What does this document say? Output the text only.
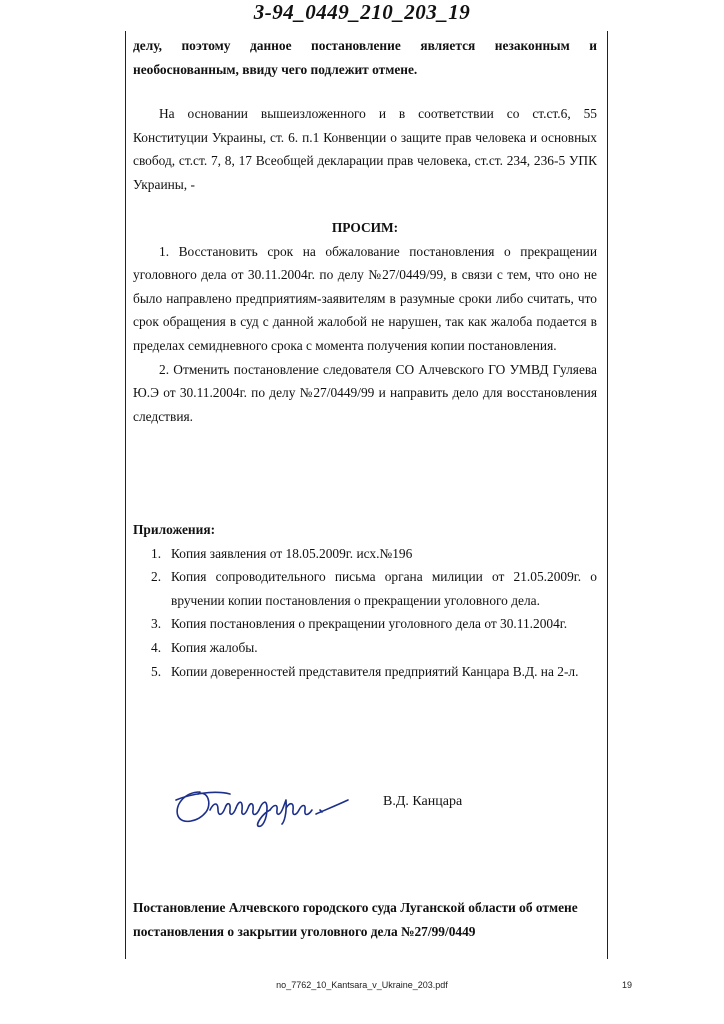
3-94_0449_210_203_19

делу, поэтому данное постановление является незаконным и необоснованным, ввиду чего подлежит отмене.

На основании вышеизложенного и в соответствии со ст.ст.6, 55 Конституции Украины, ст. 6. п.1 Конвенции о защите прав человека и основных свобод, ст.ст. 7, 8, 17 Всеобщей декларации прав человека, ст.ст. 234, 236-5 УПК Украины, -

ПРОСИМ:

1. Восстановить срок на обжалование постановления о прекращении уголовного дела от 30.11.2004г. по делу №27/0449/99, в связи с тем, что оно не было направлено предприятиям-заявителям в разумные сроки либо считать, что срок обращения в суд с данной жалобой не нарушен, так как жалоба подается в пределах семидневного срока с момента получения копии постановления.

2. Отменить постановление следователя СО Алчевского ГО УМВД Гуляева Ю.Э от 30.11.2004г. по делу №27/0449/99 и направить дело для восстановления следствия.

Приложения:

1. Копия заявления от 18.05.2009г. исх.№196
2. Копия сопроводительного письма органа милиции от 21.05.2009г. о вручении копии постановления о прекращении уголовного дела.
3. Копия постановления о прекращении уголовного дела от 30.11.2004г.
4. Копия жалобы.
5. Копии доверенностей представителя предприятий Канцара В.Д. на 2-л.
В.Д. Канцара

Постановление Алчевского городского суда Луганской области об отмене постановления о закрытии уголовного дела №27/99/0449

no_7762_10_Kantsara_v_Ukraine_203.pdf	19
